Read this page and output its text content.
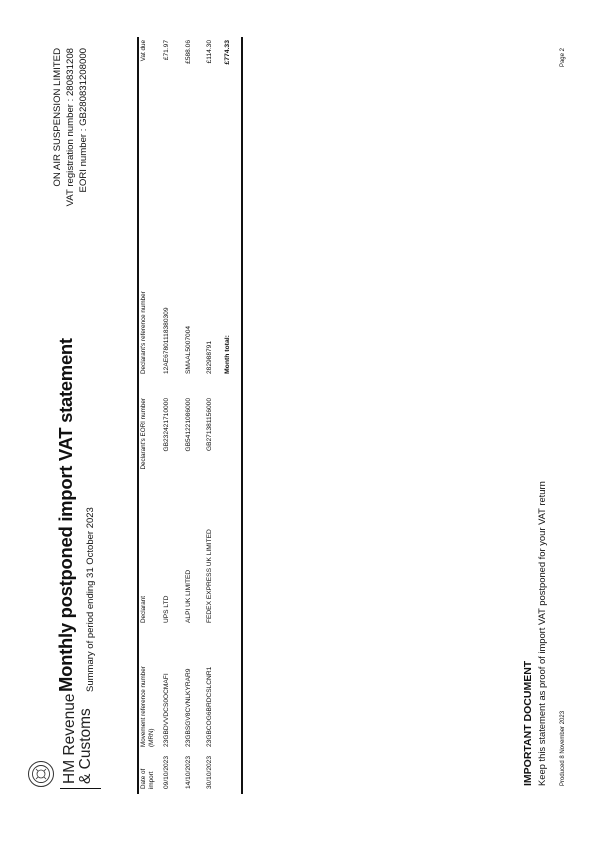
HM Revenue & Customs
Monthly postponed import VAT statement Summary of period ending 31 October 2023
ON AIR SUSPENSION LIMITED VAT registration number : 280831208 EORI number : GB280831208000
Date of import
Movement reference number (MRN)
Declarant
Declarant's EORI number
Declarant's reference number
Vat due
09/10/2023
23GBDVVDCS0OCMAFI
UPS LTD
GB232421710000
12AE67801118380309
£71.97
14/10/2023
23GBSGV8CVNLKYRAR9
ALPI UK LIMITED
GB541221086000
SMAAL5007004
£588.06
30/10/2023
23GBCOG6BRDCSLCNR1
FEDEX EXPRESS UK LIMITED
GB271381156000
282988791
£114.30
Month total:
£774.33
IMPORTANT DOCUMENT Keep this statement as proof of import VAT postponed for your VAT return Produced 8 November 2023
Page 2
